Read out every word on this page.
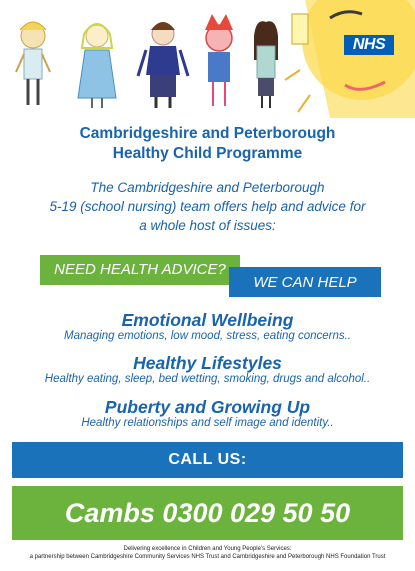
NHS
Cambridgeshire and Peterborough
Healthy Child Programme
The Cambridgeshire and Peterborough
5-19 (school nursing) team offers help and advice for
a whole host of issues:
NEED HEALTH ADVICE?
WE CAN HELP
Emotional Wellbeing

Managing emotions, low mood, stress, eating concerns..

Healthy Lifestyles

Healthy eating, sleep, bed wetting, smoking, drugs and alcohol..

Puberty and Growing Up

Healthy relationships and self image and identity..

CALL US:
Cambs 0300 029 50 50
Delivering excellence in Children and Young People's Services:
a partnership between Cambridgeshire Community Services NHS Trust and Cambridgeshire and Peterborough NHS Foundation Trust
